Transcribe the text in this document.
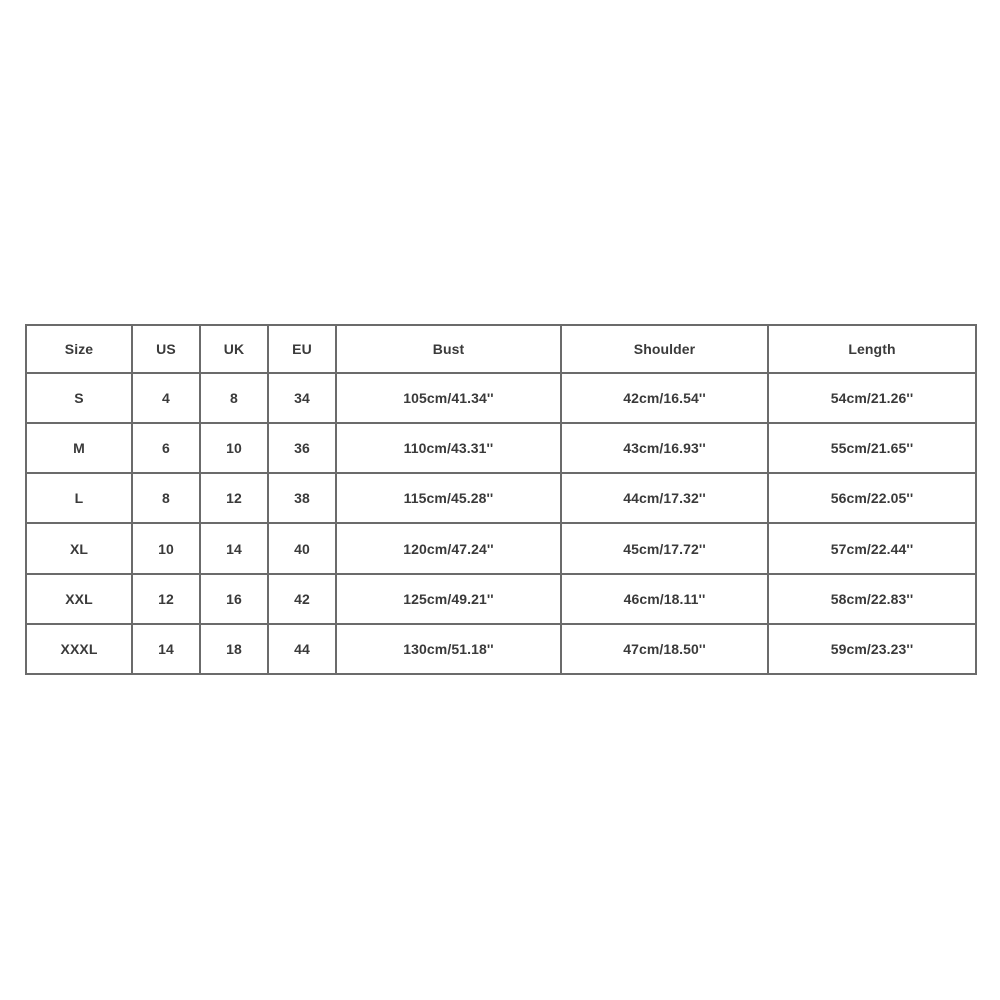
Size	US	UK	EU	Bust	Shoulder	Length
S	4	8	34	105cm/41.34''	42cm/16.54''	54cm/21.26''
M	6	10	36	110cm/43.31''	43cm/16.93''	55cm/21.65''
L	8	12	38	115cm/45.28''	44cm/17.32''	56cm/22.05''
XL	10	14	40	120cm/47.24''	45cm/17.72''	57cm/22.44''
XXL	12	16	42	125cm/49.21''	46cm/18.11''	58cm/22.83''
XXXL	14	18	44	130cm/51.18''	47cm/18.50''	59cm/23.23''
